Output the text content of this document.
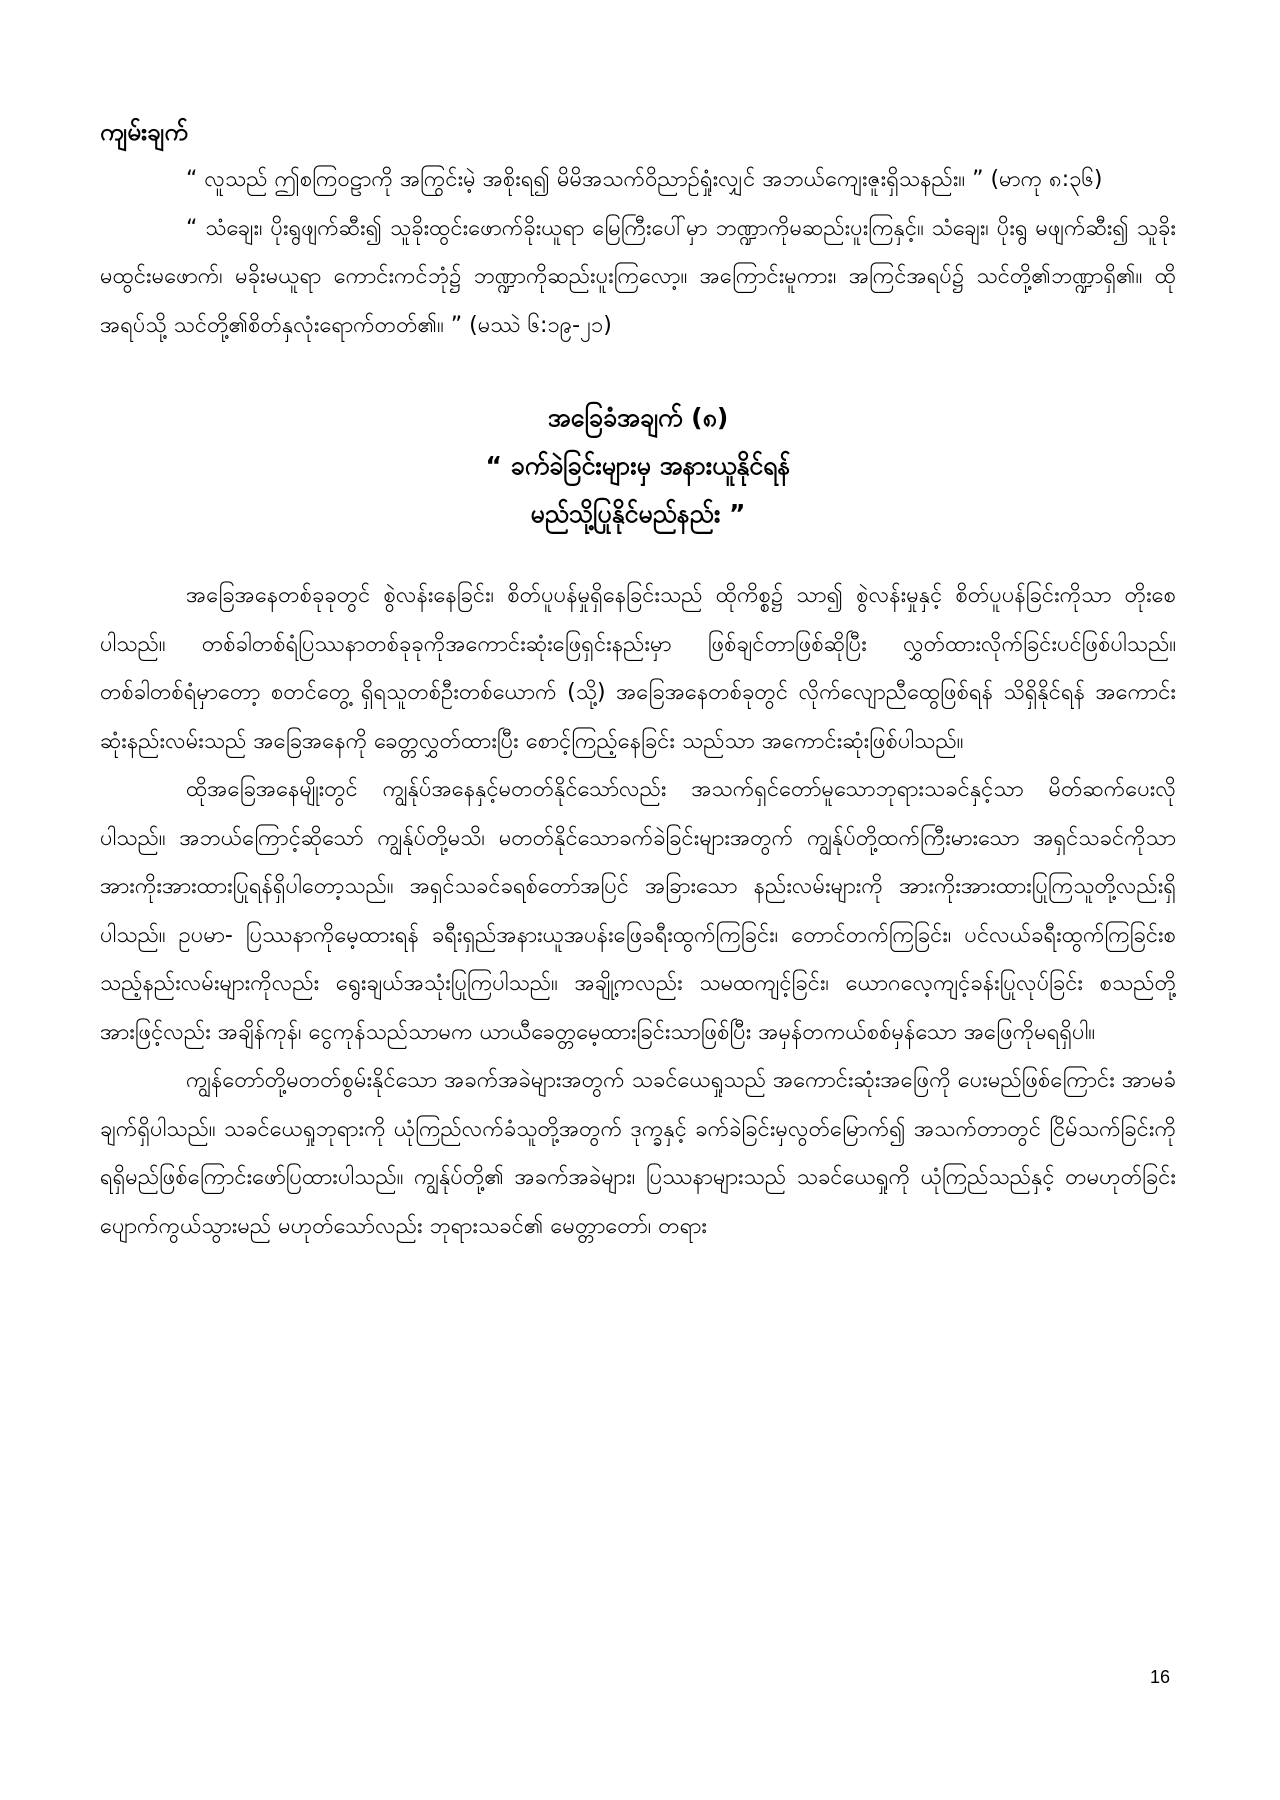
ကျမ်းချက်

“ လူသည် ဤစကြဝဠာကို အကြွင်းမဲ့ အစိုးရ၍ မိမိအသက်ဝိညာဉ်ရှုံးလျှင် အဘယ်ကျေးဇူးရှိသနည်း။ ” (မာကု ၈:၃၆)

“ သံချေး၊ ပိုးရွဖျက်ဆီး၍ သူခိုးထွင်းဖောက်ခိုးယူရာ မြေကြီးပေါ်မှာ ဘဏ္ဍာကိုမဆည်းပူးကြနှင့်။ သံချေး၊ ပိုးရွ မဖျက်ဆီး၍ သူခိုးမထွင်းမဖောက်၊ မခိုးမယူရာ ကောင်းကင်ဘုံ၌ ဘဏ္ဍာကိုဆည်းပူးကြလော့။ အကြောင်းမူကား၊ အကြင်အရပ်၌ သင်တို့၏ဘဏ္ဍာရှိ၏။ ထိုအရပ်သို့ သင်တို့၏စိတ်နှလုံးရောက်တတ်၏။ ” (မဿဲ ၆:၁၉-၂၁)

အခြေခံအချက် (၈)

“ ခက်ခဲခြင်းများမှ အနားယူနိုင်ရန်

မည်သို့ပြုနိုင်မည်နည်း ”

အခြေအနေတစ်ခုခုတွင် စွဲလန်းနေခြင်း၊ စိတ်ပူပန်မှုရှိနေခြင်းသည် ထိုကိစ္စ၌ သာ၍ စွဲလန်းမှုနှင့် စိတ်ပူပန်ခြင်းကိုသာ တိုးစေပါသည်။ တစ်ခါတစ်ရံပြဿနာတစ်ခုခုကိုအကောင်းဆုံးဖြေရှင်းနည်းမှာ ဖြစ်ချင်တာဖြစ်ဆိုပြီး လွှတ်ထားလိုက်ခြင်းပင်ဖြစ်ပါသည်။ တစ်ခါတစ်ရံမှာတော့ စတင်တွေ့ ရှိရသူတစ်ဦးတစ်ယောက် (သို့) အခြေအနေတစ်ခုတွင် လိုက်လျောညီထွေဖြစ်ရန် သိရှိနိုင်ရန် အကောင်းဆုံးနည်းလမ်းသည် အခြေအနေကို ခေတ္တလွှတ်ထားပြီး စောင့်ကြည့်နေခြင်း သည်သာ အကောင်းဆုံးဖြစ်ပါသည်။

ထိုအခြေအနေမျိုးတွင် ကျွန်ုပ်အနေနှင့်မတတ်နိုင်သော်လည်း အသက်ရှင်တော်မူသောဘုရားသခင်နှင့်သာ မိတ်ဆက်ပေးလိုပါသည်။ အဘယ်ကြောင့်ဆိုသော် ကျွန်ုပ်တို့မသိ၊ မတတ်နိုင်သောခက်ခဲခြင်းများအတွက် ကျွန်ုပ်တို့ထက်ကြီးမားသော အရှင်သခင်ကိုသာ အားကိုးအားထားပြုရန်ရှိပါတော့သည်။ အရှင်သခင်ခရစ်တော်အပြင် အခြားသော နည်းလမ်းများကို အားကိုးအားထားပြုကြသူတို့လည်းရှိပါသည်။ ဥပမာ- ပြဿနာကိုမေ့ထားရန် ခရီးရှည်အနားယူအပန်းဖြေခရီးထွက်ကြခြင်း၊ တောင်တက်ကြခြင်း၊ ပင်လယ်ခရီးထွက်ကြခြင်းစသည့်နည်းလမ်းများကိုလည်း ရွေးချယ်အသုံးပြုကြပါသည်။ အချို့ကလည်း သမထကျင့်ခြင်း၊ ယောဂလေ့ကျင့်ခန်းပြုလုပ်ခြင်း စသည်တို့အားဖြင့်လည်း အချိန်ကုန်၊ ငွေကုန်သည်သာမက ယာယီခေတ္တမေ့ထားခြင်းသာဖြစ်ပြီး အမှန်တကယ်စစ်မှန်သော အဖြေကိုမရရှိပါ။

ကျွန်တော်တို့မတတ်စွမ်းနိုင်သော အခက်အခဲများအတွက် သခင်ယေရှုသည် အကောင်းဆုံးအဖြေကို ပေးမည်ဖြစ်ကြောင်း အာမခံချက်ရှိပါသည်။ သခင်ယေရှုဘုရားကို ယုံကြည်လက်ခံသူတို့အတွက် ဒုက္ခနှင့် ခက်ခဲခြင်းမှလွတ်မြောက်၍ အသက်တာတွင် ငြိမ်သက်ခြင်းကို ရရှိမည်ဖြစ်ကြောင်းဖော်ပြထားပါသည်။ ကျွန်ုပ်တို့၏ အခက်အခဲများ၊ ပြဿနာများသည် သခင်ယေရှုကို ယုံကြည်သည်နှင့် တမဟုတ်ခြင်း ပျောက်ကွယ်သွားမည် မဟုတ်သော်လည်း ဘုရားသခင်၏ မေတ္တာတော်၊ တရား

16
